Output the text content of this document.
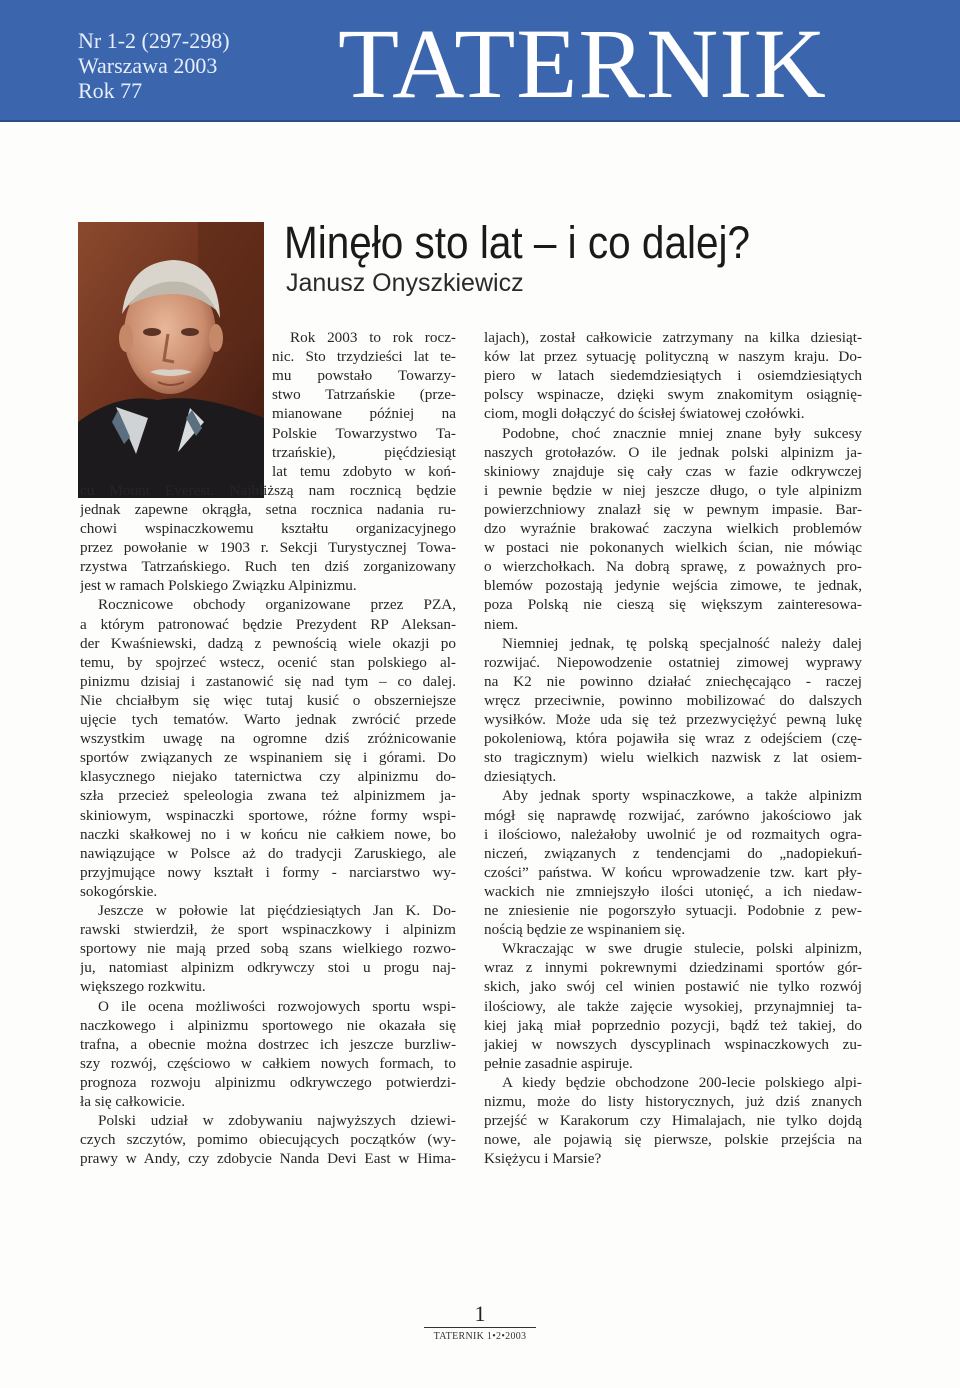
Nr 1-2 (297-298)
Warszawa 2003
Rok 77	TATERNIK
Minęło sto lat – i co dalej?
Janusz Onyszkiewicz
Rok 2003 to rok rocz-
nic. Sto trzydzieści lat te-
mu powstało Towarzy-
stwo Tatrzańskie (prze-
mianowane później na
Polskie Towarzystwo Ta-
trzańskie), pięćdziesiąt
lat temu zdobyto w koń-
cu Mount Everest. Najbliższą nam rocznicą będzie
jednak zapewne okrągła, setna rocznica nadania ru-
chowi wspinaczkowemu kształtu organizacyjnego
przez powołanie w 1903 r. Sekcji Turystycznej Towa-
rzystwa Tatrzańskiego. Ruch ten dziś zorganizowany
jest w ramach Polskiego Związku Alpinizmu.
Rocznicowe obchody organizowane przez PZA,
a którym patronować będzie Prezydent RP Aleksan-
der Kwaśniewski, dadzą z pewnością wiele okazji po
temu, by spojrzeć wstecz, ocenić stan polskiego al-
pinizmu dzisiaj i zastanowić się nad tym – co dalej.
Nie chciałbym się więc tutaj kusić o obszerniejsze
ujęcie tych tematów. Warto jednak zwrócić przede
wszystkim uwagę na ogromne dziś zróżnicowanie
sportów związanych ze wspinaniem się i górami. Do
klasycznego niejako taternictwa czy alpinizmu do-
szła przecież speleologia zwana też alpinizmem ja-
skiniowym, wspinaczki sportowe, różne formy wspi-
naczki skałkowej no i w końcu nie całkiem nowe, bo
nawiązujące w Polsce aż do tradycji Zaruskiego, ale
przyjmujące nowy kształt i formy - narciarstwo wy-
sokogórskie.
Jeszcze w połowie lat pięćdziesiątych Jan K. Do-
rawski stwierdził, że sport wspinaczkowy i alpinizm
sportowy nie mają przed sobą szans wielkiego rozwo-
ju, natomiast alpinizm odkrywczy stoi u progu naj-
większego rozkwitu.
O ile ocena możliwości rozwojowych sportu wspi-
naczkowego i alpinizmu sportowego nie okazała się
trafna, a obecnie można dostrzec ich jeszcze burzliw-
szy rozwój, częściowo w całkiem nowych formach, to
prognoza rozwoju alpinizmu odkrywczego potwierdzi-
ła się całkowicie.
Polski udział w zdobywaniu najwyższych dziewi-
czych szczytów, pomimo obiecujących początków (wy-
prawy w Andy, czy zdobycie Nanda Devi East w Hima-
lajach), został całkowicie zatrzymany na kilka dziesiąt-
ków lat przez sytuację polityczną w naszym kraju. Do-
piero w latach siedemdziesiątych i osiemdziesiątych
polscy wspinacze, dzięki swym znakomitym osiągnię-
ciom, mogli dołączyć do ścisłej światowej czołówki.
Podobne, choć znacznie mniej znane były sukcesy
naszych grotołazów. O ile jednak polski alpinizm ja-
skiniowy znajduje się cały czas w fazie odkrywczej
i pewnie będzie w niej jeszcze długo, o tyle alpinizm
powierzchniowy znalazł się w pewnym impasie. Bar-
dzo wyraźnie brakować zaczyna wielkich problemów
w postaci nie pokonanych wielkich ścian, nie mówiąc
o wierzchołkach. Na dobrą sprawę, z poważnych pro-
blemów pozostają jedynie wejścia zimowe, te jednak,
poza Polską nie cieszą się większym zainteresowa-
niem.
Niemniej jednak, tę polską specjalność należy dalej
rozwijać. Niepowodzenie ostatniej zimowej wyprawy
na K2 nie powinno działać zniechęcająco - raczej
wręcz przeciwnie, powinno mobilizować do dalszych
wysiłków. Może uda się też przezwyciężyć pewną lukę
pokoleniową, która pojawiła się wraz z odejściem (czę-
sto tragicznym) wielu wielkich nazwisk z lat osiem-
dziesiątych.
Aby jednak sporty wspinaczkowe, a także alpinizm
mógł się naprawdę rozwijać, zarówno jakościowo jak
i ilościowo, należałoby uwolnić je od rozmaitych ogra-
niczeń, związanych z tendencjami do „nadopiekuń-
czości” państwa. W końcu wprowadzenie tzw. kart pły-
wackich nie zmniejszyło ilości utonięć, a ich niedaw-
ne zniesienie nie pogorszyło sytuacji. Podobnie z pew-
nością będzie ze wspinaniem się.
Wkraczając w swe drugie stulecie, polski alpinizm,
wraz z innymi pokrewnymi dziedzinami sportów gór-
skich, jako swój cel winien postawić nie tylko rozwój
ilościowy, ale także zajęcie wysokiej, przynajmniej ta-
kiej jaką miał poprzednio pozycji, bądź też takiej, do
jakiej w nowszych dyscyplinach wspinaczkowych zu-
pełnie zasadnie aspiruje.
A kiedy będzie obchodzone 200-lecie polskiego alpi-
nizmu, może do listy historycznych, już dziś znanych
przejść w Karakorum czy Himalajach, nie tylko dojdą
nowe, ale pojawią się pierwsze, polskie przejścia na
Księżycu i Marsie?
1
TATERNIK 1•2•2003
